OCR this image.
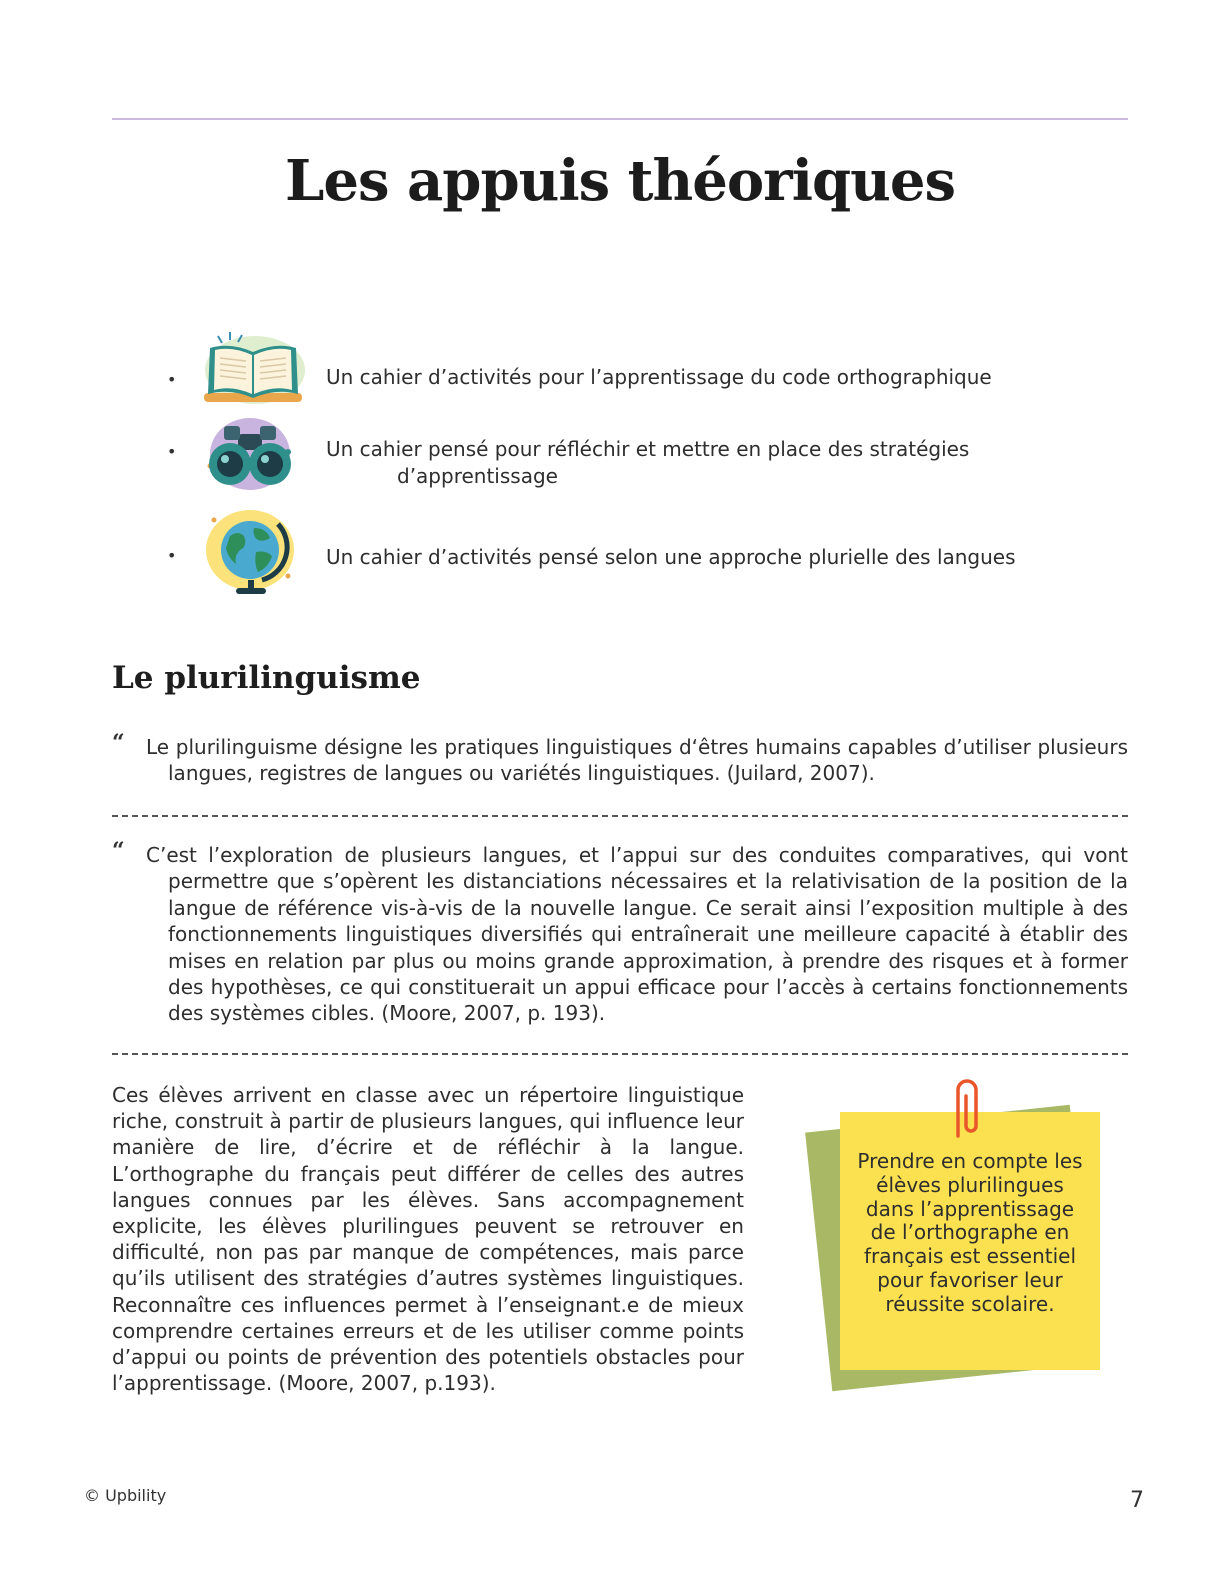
Les appuis théoriques
•	Un cahier d’activités pour l’apprentissage du code orthographique
•	Un cahier pensé pour réfléchir et mettre en place des stratégies
d’apprentissage
•	Un cahier d’activités pensé selon une approche plurielle des langues
Le plurilinguisme
“ Le plurilinguisme désigne les pratiques linguistiques d‘êtres humains capables d’utiliser plusieurs langues, registres de langues ou variétés linguistiques. (Juilard, 2007).

“ C’est l’exploration de plusieurs langues, et l’appui sur des conduites comparatives, qui vont permettre que s’opèrent les distanciations nécessaires et la relativisation de la position de la langue de référence vis-à-vis de la nouvelle langue. Ce serait ainsi l’exposition multiple à des fonctionnements linguistiques diversifiés qui entraînerait une meilleure capacité à établir des mises en relation par plus ou moins grande approximation, à prendre des risques et à former des hypothèses, ce qui constituerait un appui efficace pour l’accès à certains fonctionnements des systèmes cibles. (Moore, 2007, p. 193).

Ces élèves arrivent en classe avec un répertoire linguistique riche, construit à partir de plusieurs langues, qui influence leur manière de lire, d’écrire et de réfléchir à la langue. L’orthographe du français peut différer de celles des autres langues connues par les élèves. Sans accompagnement explicite, les élèves plurilingues peuvent se retrouver en difficulté, non pas par manque de compétences, mais parce qu’ils utilisent des stratégies d’autres systèmes linguistiques. Reconnaître ces influences permet à l’enseignant.e de mieux comprendre certaines erreurs et de les utiliser comme points d’appui ou points de prévention des potentiels obstacles pour l’apprentissage. (Moore, 2007, p.193).

Prendre en compte les élèves plurilingues dans l’apprentissage de l’orthographe en français est essentiel pour favoriser leur réussite scolaire.
© Upbility	7
